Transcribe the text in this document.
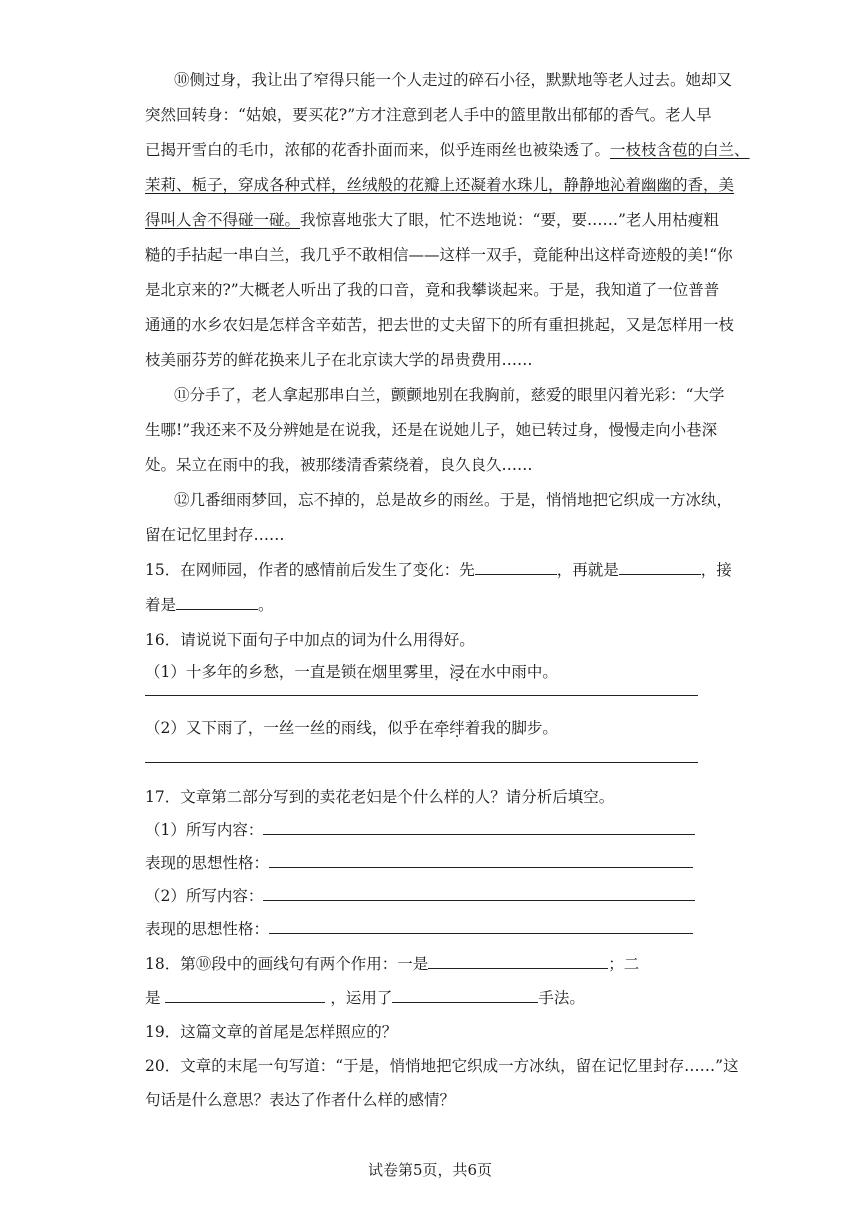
⑩侧过身，我让出了窄得只能一个人走过的碎石小径，默默地等老人过去。她却又
突然回转身：“姑娘，要买花?”方才注意到老人手中的篮里散出郁郁的香气。老人早
已揭开雪白的毛巾，浓郁的花香扑面而来，似乎连雨丝也被染透了。一枝枝含苞的白兰、
茉莉、栀子，穿成各种式样，丝绒般的花瓣上还凝着水珠儿，静静地沁着幽幽的香，美
得叫人舍不得碰一碰。我惊喜地张大了眼，忙不迭地说：“要，要……”老人用枯瘦粗
糙的手拈起一串白兰，我几乎不敢相信——这样一双手，竟能种出这样奇迹般的美!“你
是北京来的?”大概老人听出了我的口音，竟和我攀谈起来。于是，我知道了一位普普
通通的水乡农妇是怎样含辛茹苦，把去世的丈夫留下的所有重担挑起，又是怎样用一枝
枝美丽芬芳的鲜花换来儿子在北京读大学的昂贵费用……
⑪分手了，老人拿起那串白兰，颤颤地别在我胸前，慈爱的眼里闪着光彩：“大学
生哪!”我还来不及分辨她是在说我，还是在说她儿子，她已转过身，慢慢走向小巷深
处。呆立在雨中的我，被那缕清香萦绕着，良久良久……
⑫几番细雨梦回，忘不掉的，总是故乡的雨丝。于是，悄悄地把它织成一方冰纨，
留在记忆里封存……
15．在网师园，作者的感情前后发生了变化：先	，再就是	，接
着是	。
16．请说说下面句子中加点的词为什么用得好。
（1）十多年的乡愁，一直是锁在烟里雾里，浸在水中雨中。
（2）又下雨了，一丝一丝的雨线，似乎在牵绊着我的脚步。
17．文章第二部分写到的卖花老妇是个什么样的人？请分析后填空。
（1）所写内容：
表现的思想性格：
（2）所写内容：
表现的思想性格：
18．第⑩段中的画线句有两个作用：一是	；二
是	，运用了	手法。
19．这篇文章的首尾是怎样照应的？
20．文章的末尾一句写道：“于是，悄悄地把它织成一方冰纨，留在记忆里封存……”这
句话是什么意思？表达了作者什么样的感情？
试卷第5页，共6页
